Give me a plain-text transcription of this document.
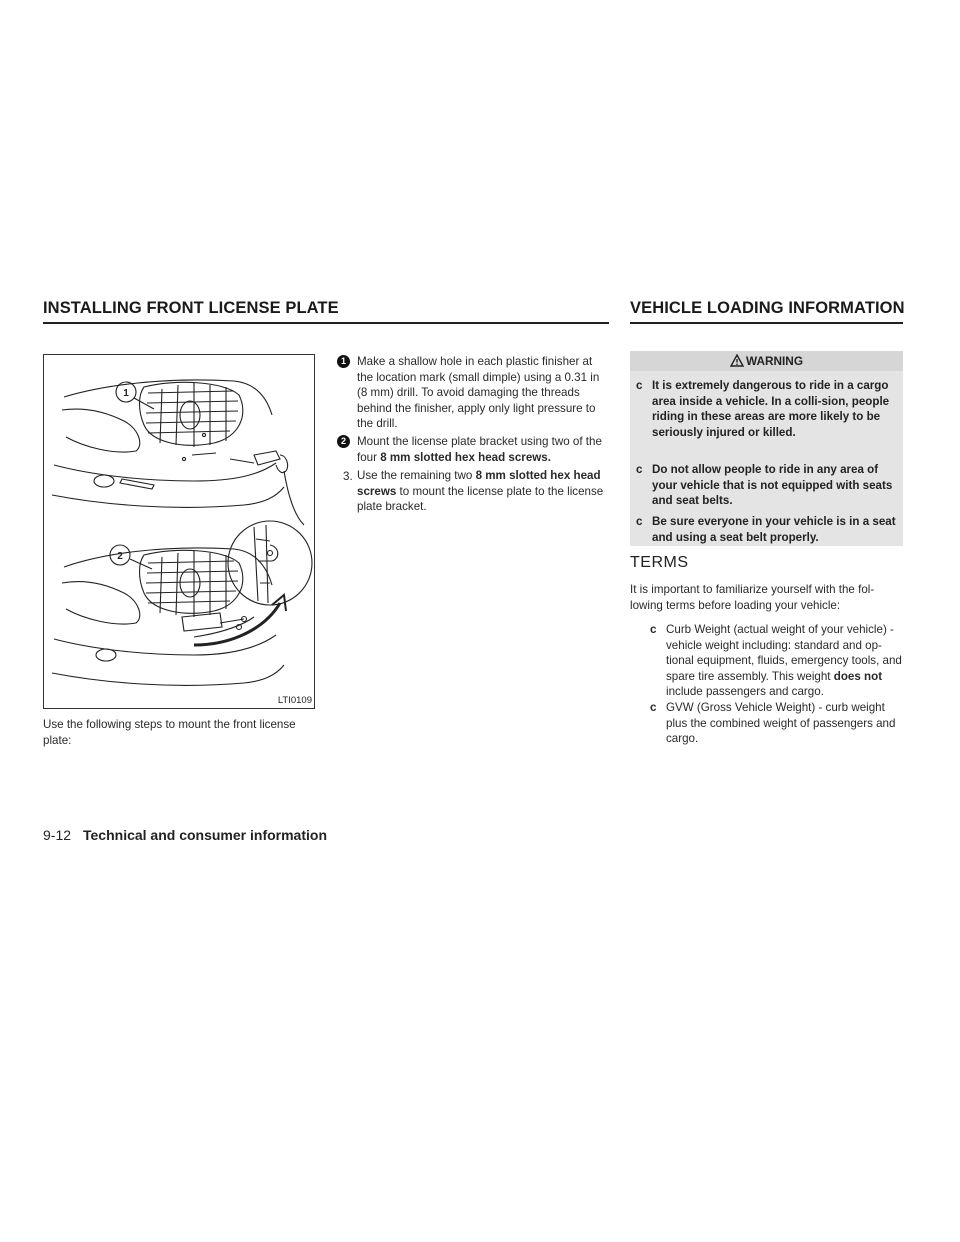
INSTALLING FRONT LICENSE PLATE	VEHICLE LOADING INFORMATION
1
2
LTI0109
Use the following steps to mount the front license plate:
1 Make a shallow hole in each plastic finisher at the location mark (small dimple) using a 0.31 in (8 mm) drill. To avoid damaging the threads behind the finisher, apply only light pressure to the drill.
2 Mount the license plate bracket using two of the four 8 mm slotted hex head screws.
3. Use the remaining two 8 mm slotted hex head screws to mount the license plate to the license plate bracket.
WARNING
c It is extremely dangerous to ride in a cargo area inside a vehicle. In a colli-sion, people riding in these areas are more likely to be seriously injured or killed.
c Do not allow people to ride in any area of your vehicle that is not equipped with seats and seat belts.
c Be sure everyone in your vehicle is in a seat and using a seat belt properly.
TERMS
It is important to familiarize yourself with the fol-lowing terms before loading your vehicle:
c Curb Weight (actual weight of your vehicle) - vehicle weight including: standard and op-tional equipment, fluids, emergency tools, and spare tire assembly. This weight does not include passengers and cargo.
c GVW (Gross Vehicle Weight) - curb weight plus the combined weight of passengers and cargo.
9-12 Technical and consumer information
